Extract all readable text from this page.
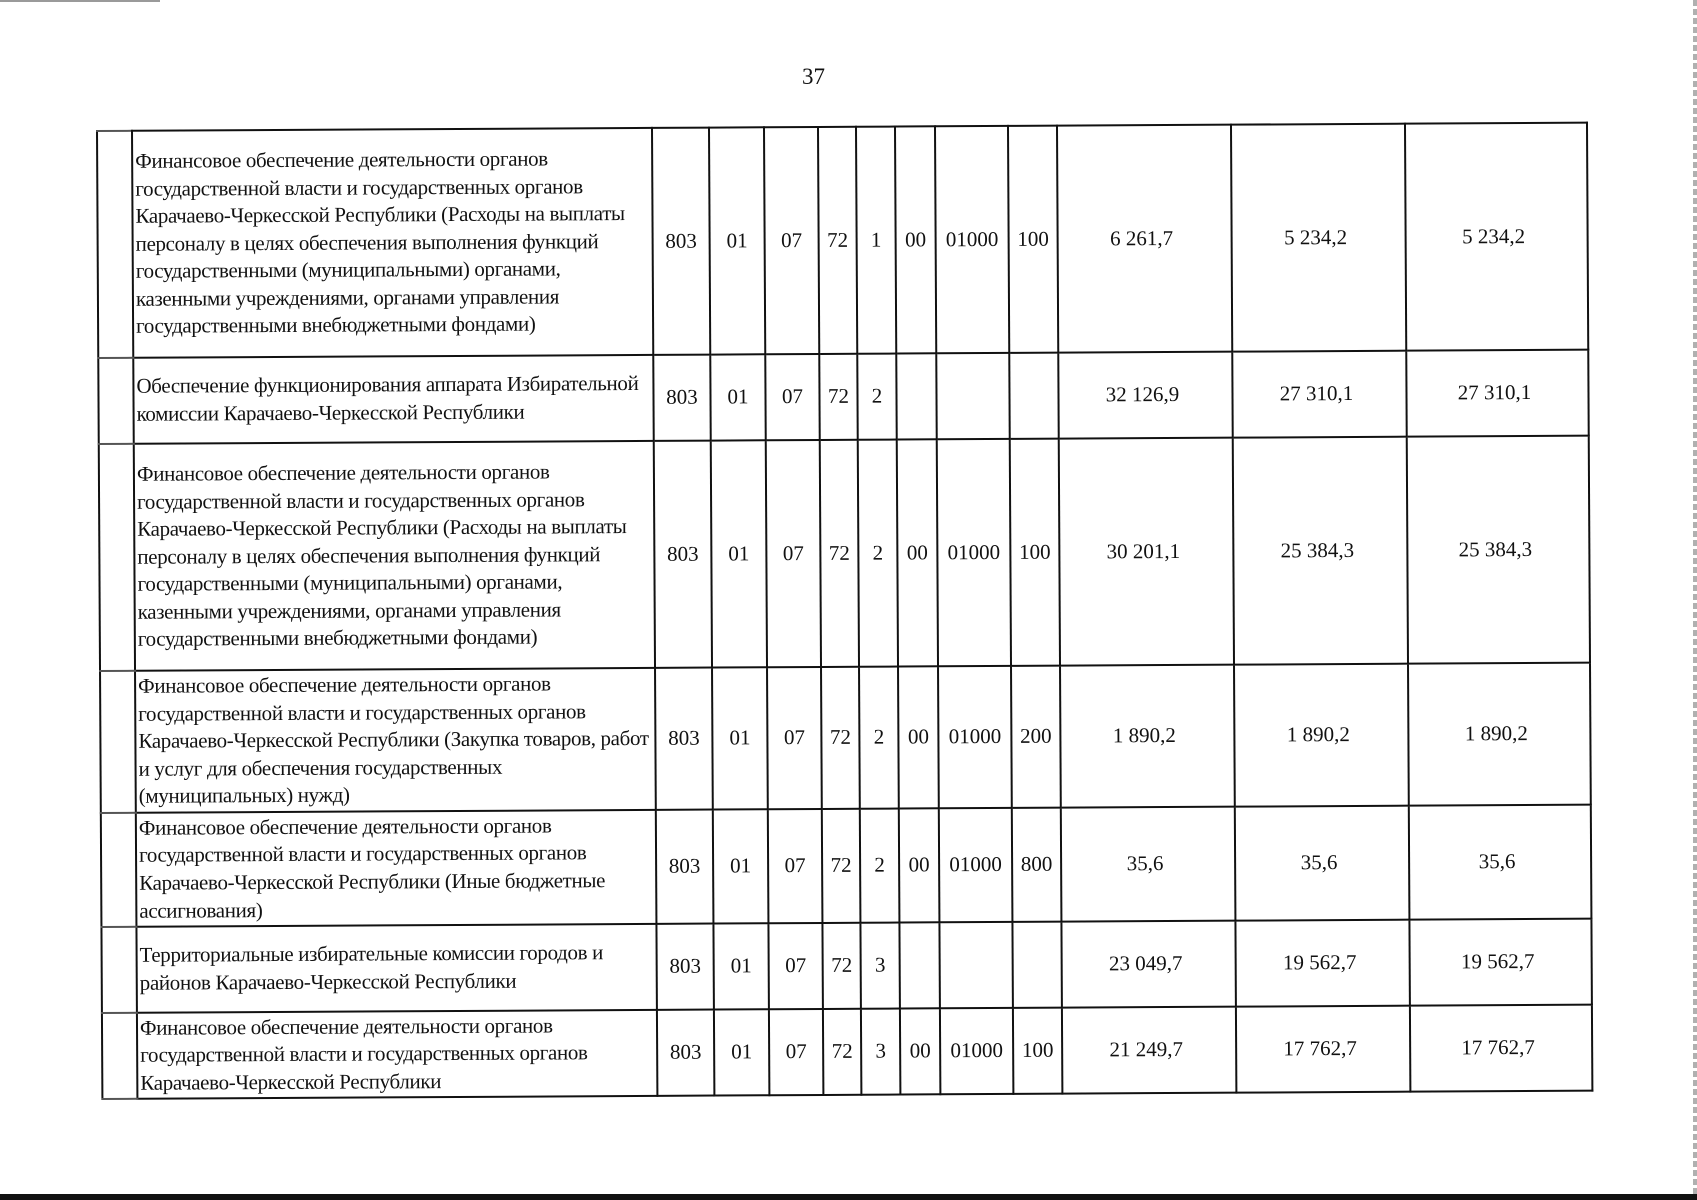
37
	Финансовое обеспечение деятельности органов государственной власти и государственных органов Карачаево-Черкесской Республики (Расходы на выплаты персоналу в целях обеспечения выполнения функций государственными (муниципальными) органами, казенными учреждениями, органами управления государственными внебюджетными фондами)	803	01	07	72	1	00	01000	100	6 261,7	5 234,2	5 234,2
	Обеспечение функционирования аппарата Избирательной комиссии Карачаево-Черкесской Республики	803	01	07	72	2				32 126,9	27 310,1	27 310,1
	Финансовое обеспечение деятельности органов государственной власти и государственных органов Карачаево-Черкесской Республики (Расходы на выплаты персоналу в целях обеспечения выполнения функций государственными (муниципальными) органами, казенными учреждениями, органами управления государственными внебюджетными фондами)	803	01	07	72	2	00	01000	100	30 201,1	25 384,3	25 384,3
	Финансовое обеспечение деятельности органов государственной власти и государственных органов Карачаево-Черкесской Республики (Закупка товаров, работ и услуг для обеспечения государственных (муниципальных) нужд)	803	01	07	72	2	00	01000	200	1 890,2	1 890,2	1 890,2
	Финансовое обеспечение деятельности органов государственной власти и государственных органов Карачаево-Черкесской Республики (Иные бюджетные ассигнования)	803	01	07	72	2	00	01000	800	35,6	35,6	35,6
	Территориальные избирательные комиссии городов и районов Карачаево-Черкесской Республики	803	01	07	72	3				23 049,7	19 562,7	19 562,7
	Финансовое обеспечение деятельности органов государственной власти и государственных органов Карачаево-Черкесской Республики	803	01	07	72	3	00	01000	100	21 249,7	17 762,7	17 762,7
